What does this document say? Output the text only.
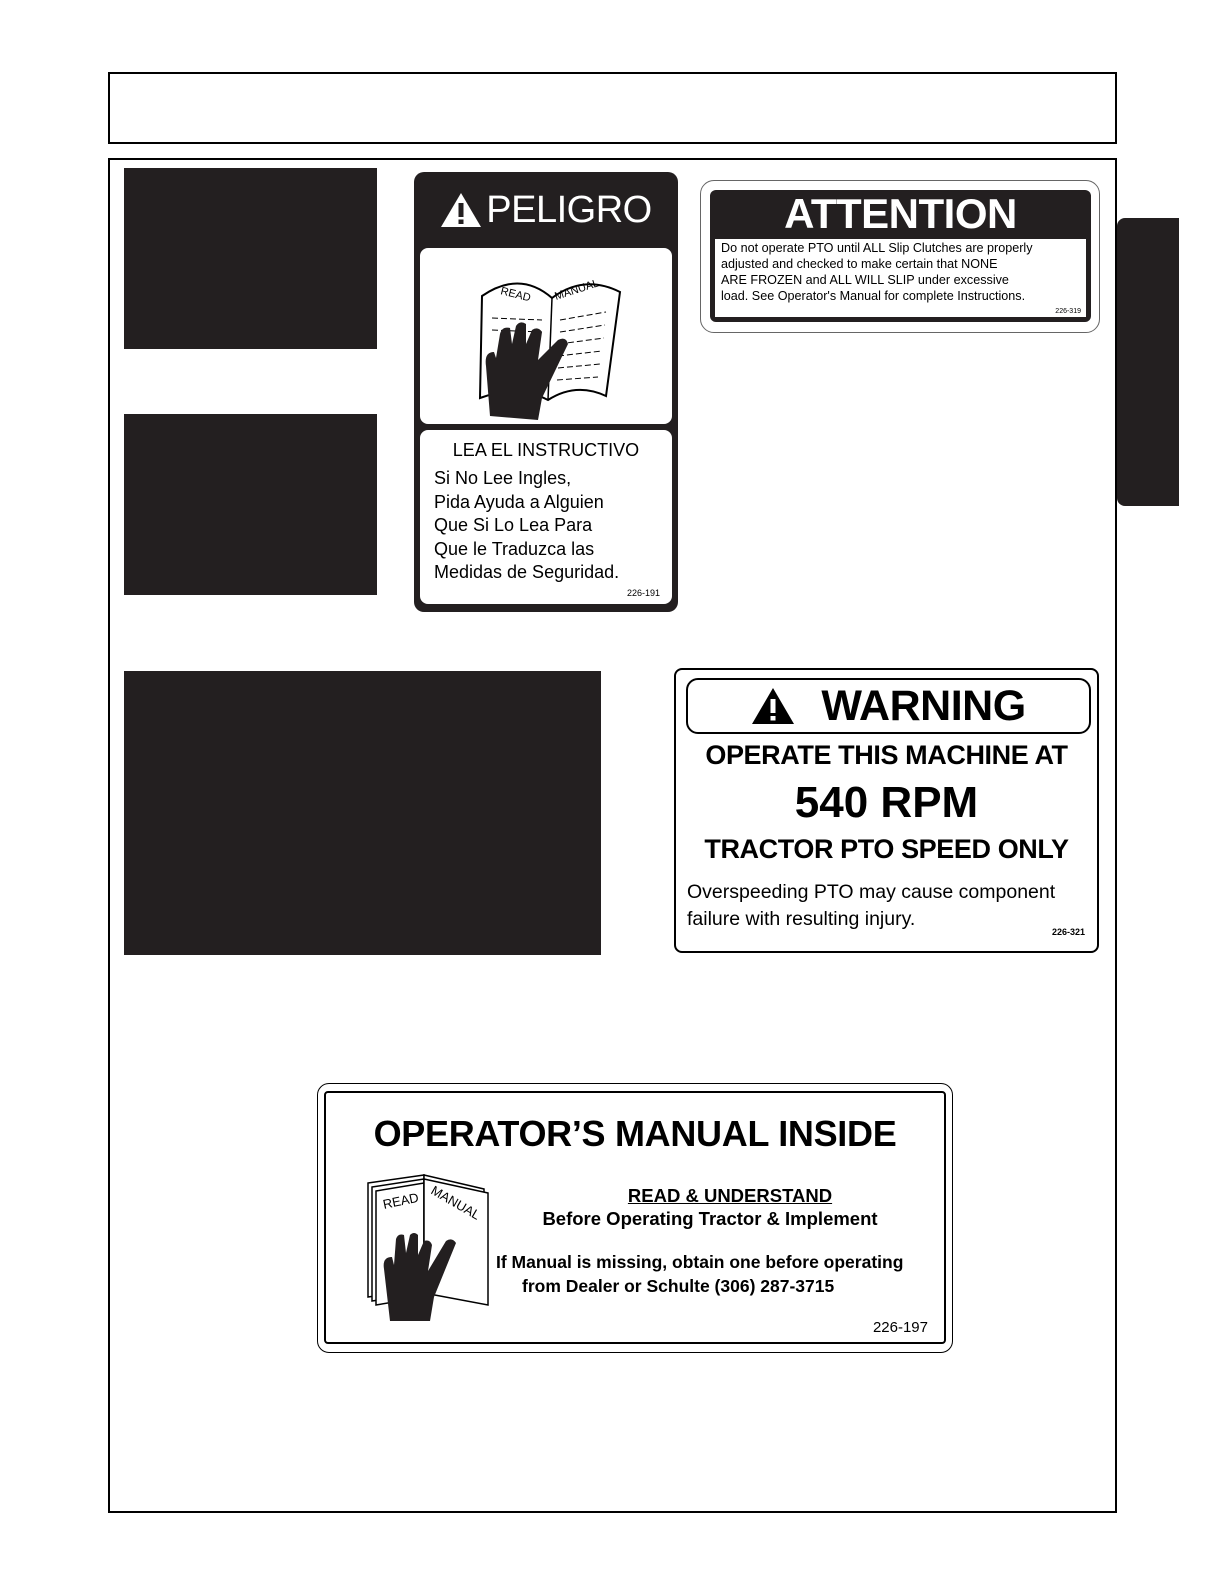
PELIGRO
READ MANUAL
LEA EL INSTRUCTIVO
Si No Lee Ingles,
Pida Ayuda a Alguien
Que Si Lo Lea Para
Que le Traduzca las
Medidas de Seguridad.
226-191
ATTENTION
Do not operate PTO until ALL Slip Clutches are properly
adjusted and checked to make certain that NONE
ARE FROZEN and ALL WILL SLIP under excessive
load. See Operator's Manual for complete Instructions.
226-319
WARNING
OPERATE THIS MACHINE AT
540 RPM
TRACTOR PTO SPEED ONLY
Overspeeding PTO may cause component
failure with resulting injury.
226-321
OPERATOR’S MANUAL INSIDE
READ MANUAL	READ & UNDERSTAND
Before Operating Tractor & Implement
If Manual is missing, obtain one before operating
from Dealer or Schulte (306) 287-3715
226-197
